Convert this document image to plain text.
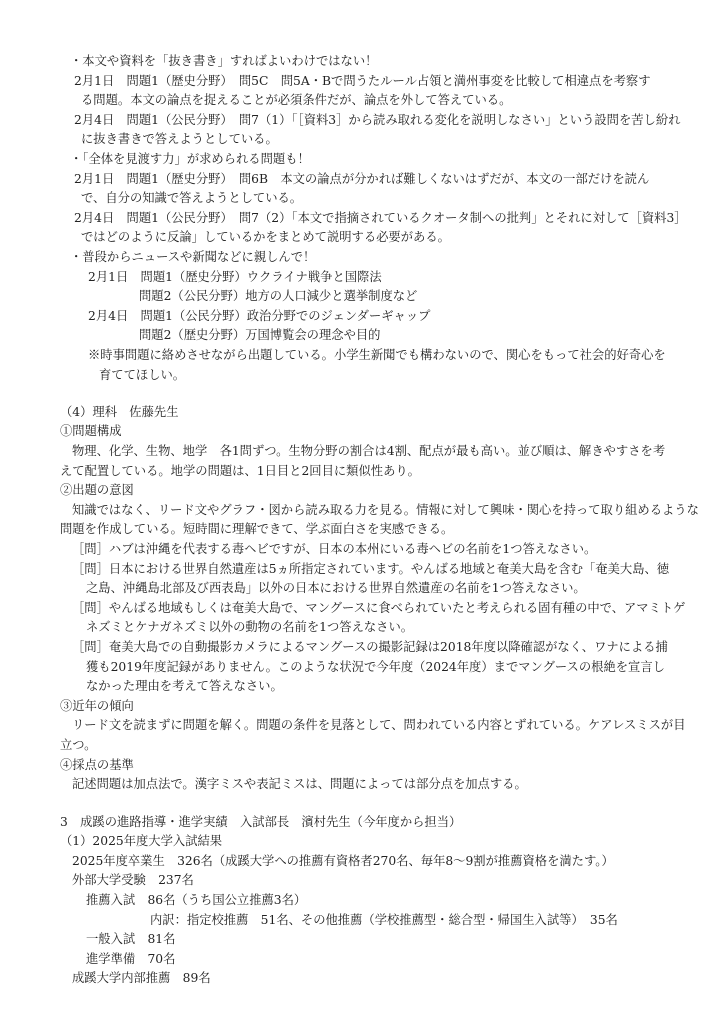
・本文や資料を「抜き書き」すればよいわけではない！
2月1日　問題1（歴史分野）　問5C　問5A・Bで問うたルール占領と満州事変を比較して相違点を考察す
る問題。本文の論点を捉えることが必須条件だが、論点を外して答えている。
2月4日　問題1（公民分野）　問7（1）「［資料3］から読み取れる変化を説明しなさい」という設問を苦し紛れ
に抜き書きで答えようとしている。
・「全体を見渡す力」が求められる問題も！
2月1日　問題1（歴史分野）　問6B　本文の論点が分かれば難しくないはずだが、本文の一部だけを読ん
で、自分の知識で答えようとしている。
2月4日　問題1（公民分野）　問7（2）「本文で指摘されているクオータ制への批判」とそれに対して［資料3］
ではどのように反論」しているかをまとめて説明する必要がある。
・普段からニュースや新聞などに親しんで！
2月1日　問題1（歴史分野）ウクライナ戦争と国際法
問題2（公民分野）地方の人口減少と選挙制度など
2月4日　問題1（公民分野）政治分野でのジェンダーギャップ
問題2（歴史分野）万国博覧会の理念や目的
※時事問題に絡めさせながら出題している。小学生新聞でも構わないので、関心をもって社会的好奇心を
育ててほしい。
（4）理科　佐藤先生
①問題構成
物理、化学、生物、地学　各1問ずつ。生物分野の割合は4割、配点が最も高い。並び順は、解きやすさを考
えて配置している。地学の問題は、1日目と2回目に類似性あり。
②出題の意図
知識ではなく、リード文やグラフ・図から読み取る力を見る。情報に対して興味・関心を持って取り組めるような
問題を作成している。短時間に理解できて、学ぶ面白さを実感できる。
［問］ハブは沖縄を代表する毒ヘビですが、日本の本州にいる毒ヘビの名前を1つ答えなさい。
［問］日本における世界自然遺産は5ヵ所指定されています。やんばる地域と奄美大島を含む「奄美大島、徳
之島、沖縄島北部及び西表島」以外の日本における世界自然遺産の名前を1つ答えなさい。
［問］やんばる地域もしくは奄美大島で、マングースに食べられていたと考えられる固有種の中で、アマミトゲ
ネズミとケナガネズミ以外の動物の名前を1つ答えなさい。
［問］奄美大島での自動撮影カメラによるマングースの撮影記録は2018年度以降確認がなく、ワナによる捕
獲も2019年度記録がありません。このような状況で今年度（2024年度）までマングースの根絶を宣言し
なかった理由を考えて答えなさい。
③近年の傾向
リード文を読まずに問題を解く。問題の条件を見落として、問われている内容とずれている。ケアレスミスが目
立つ。
④採点の基準
記述問題は加点法で。漢字ミスや表記ミスは、問題によっては部分点を加点する。
3　成蹊の進路指導・進学実績　入試部長　濱村先生（今年度から担当）
（1）2025年度大学入試結果
2025年度卒業生　326名（成蹊大学への推薦有資格者270名、毎年8～9割が推薦資格を満たす。）
外部大学受験　237名
推薦入試　86名（うち国公立推薦3名）
内訳：指定校推薦　51名、その他推薦（学校推薦型・総合型・帰国生入試等）　35名
一般入試　81名
進学準備　70名
成蹊大学内部推薦　89名
